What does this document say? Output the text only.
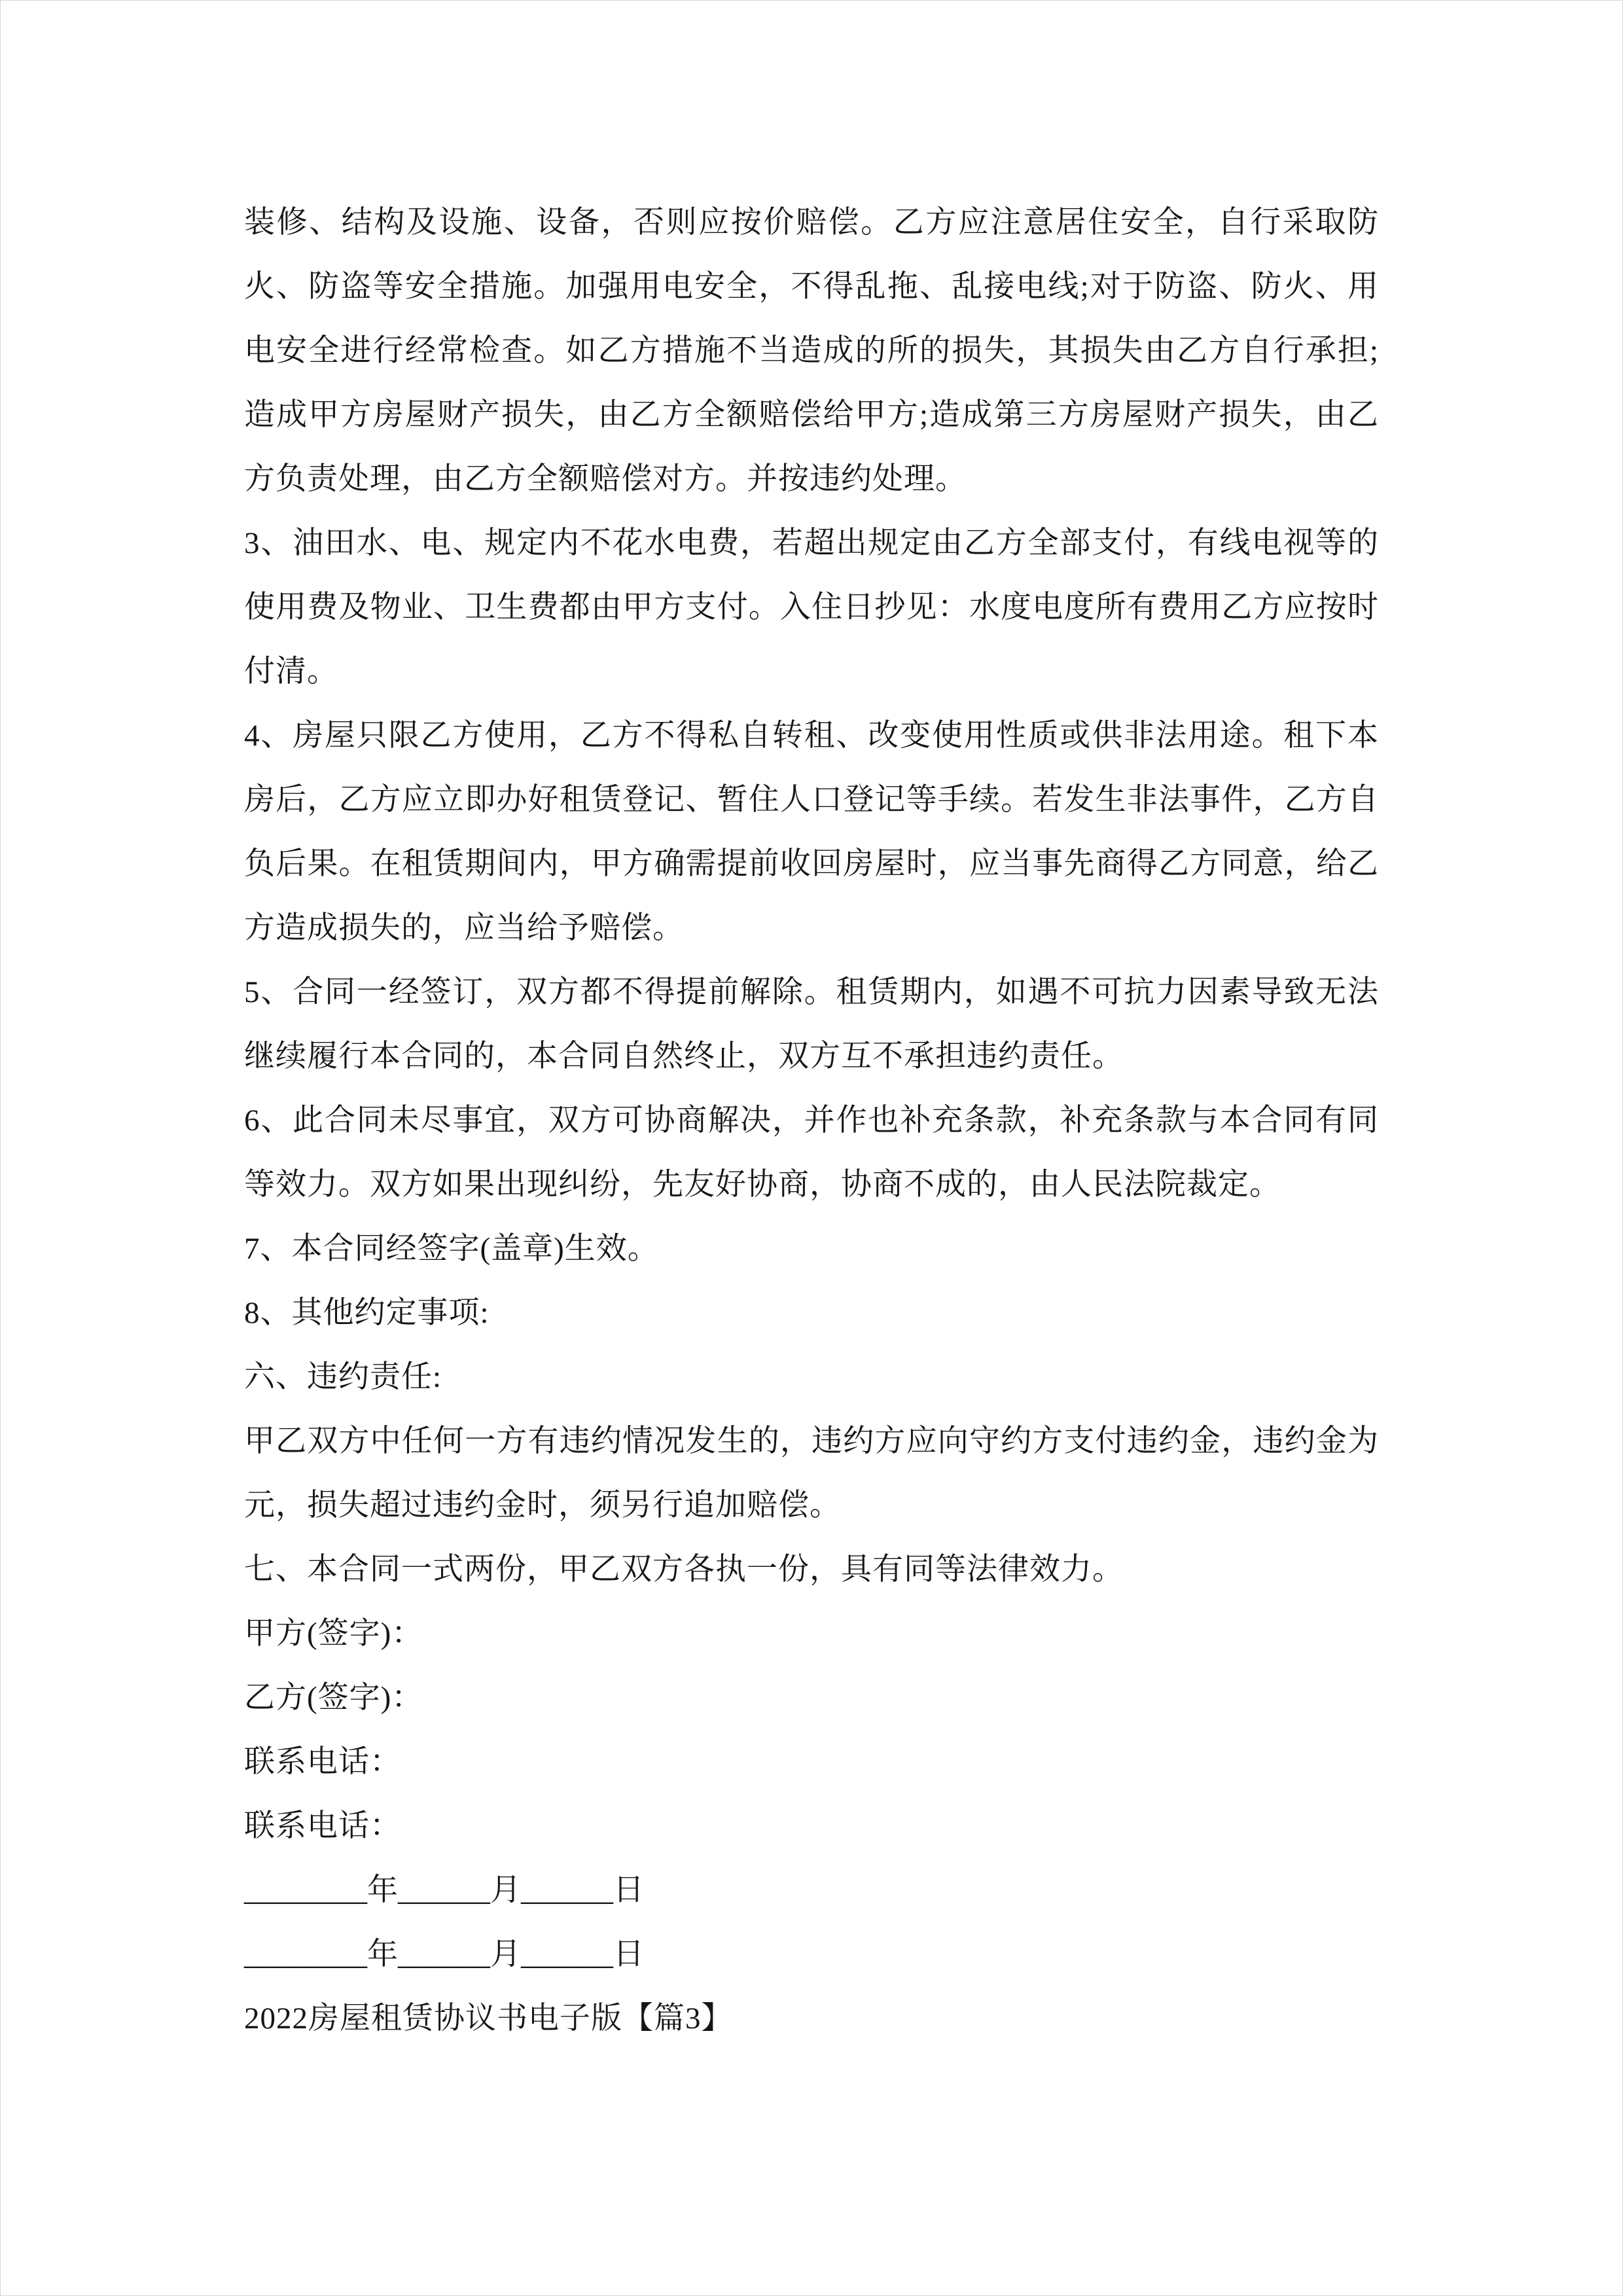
装修、结构及设施、设备，否则应按价赔偿。乙方应注意居住安全，自行采取防火、防盗等安全措施。加强用电安全，不得乱拖、乱接电线;对于防盗、防火、用电安全进行经常检查。如乙方措施不当造成的所的损失，其损失由乙方自行承担;造成甲方房屋财产损失，由乙方全额赔偿给甲方;造成第三方房屋财产损失，由乙方负责处理，由乙方全额赔偿对方。并按违约处理。

3、油田水、电、规定内不花水电费，若超出规定由乙方全部支付，有线电视等的使用费及物业、卫生费都由甲方支付。入住日抄见：水度电度所有费用乙方应按时付清。

4、房屋只限乙方使用，乙方不得私自转租、改变使用性质或供非法用途。租下本房后，乙方应立即办好租赁登记、暂住人口登记等手续。若发生非法事件，乙方自负后果。在租赁期间内，甲方确需提前收回房屋时，应当事先商得乙方同意，给乙方造成损失的，应当给予赔偿。

5、合同一经签订，双方都不得提前解除。租赁期内，如遇不可抗力因素导致无法继续履行本合同的，本合同自然终止，双方互不承担违约责任。

6、此合同未尽事宜，双方可协商解决，并作也补充条款，补充条款与本合同有同等效力。双方如果出现纠纷，先友好协商，协商不成的，由人民法院裁定。

7、本合同经签字(盖章)生效。

8、其他约定事项:

六、违约责任:

甲乙双方中任何一方有违约情况发生的，违约方应向守约方支付违约金，违约金为 元，损失超过违约金时，须另行追加赔偿。

七、本合同一式两份，甲乙双方各执一份，具有同等法律效力。

甲方(签字)：

乙方(签字)：

联系电话：

联系电话：

________年______月______日

________年______月______日

2022房屋租赁协议书电子版【篇3】
